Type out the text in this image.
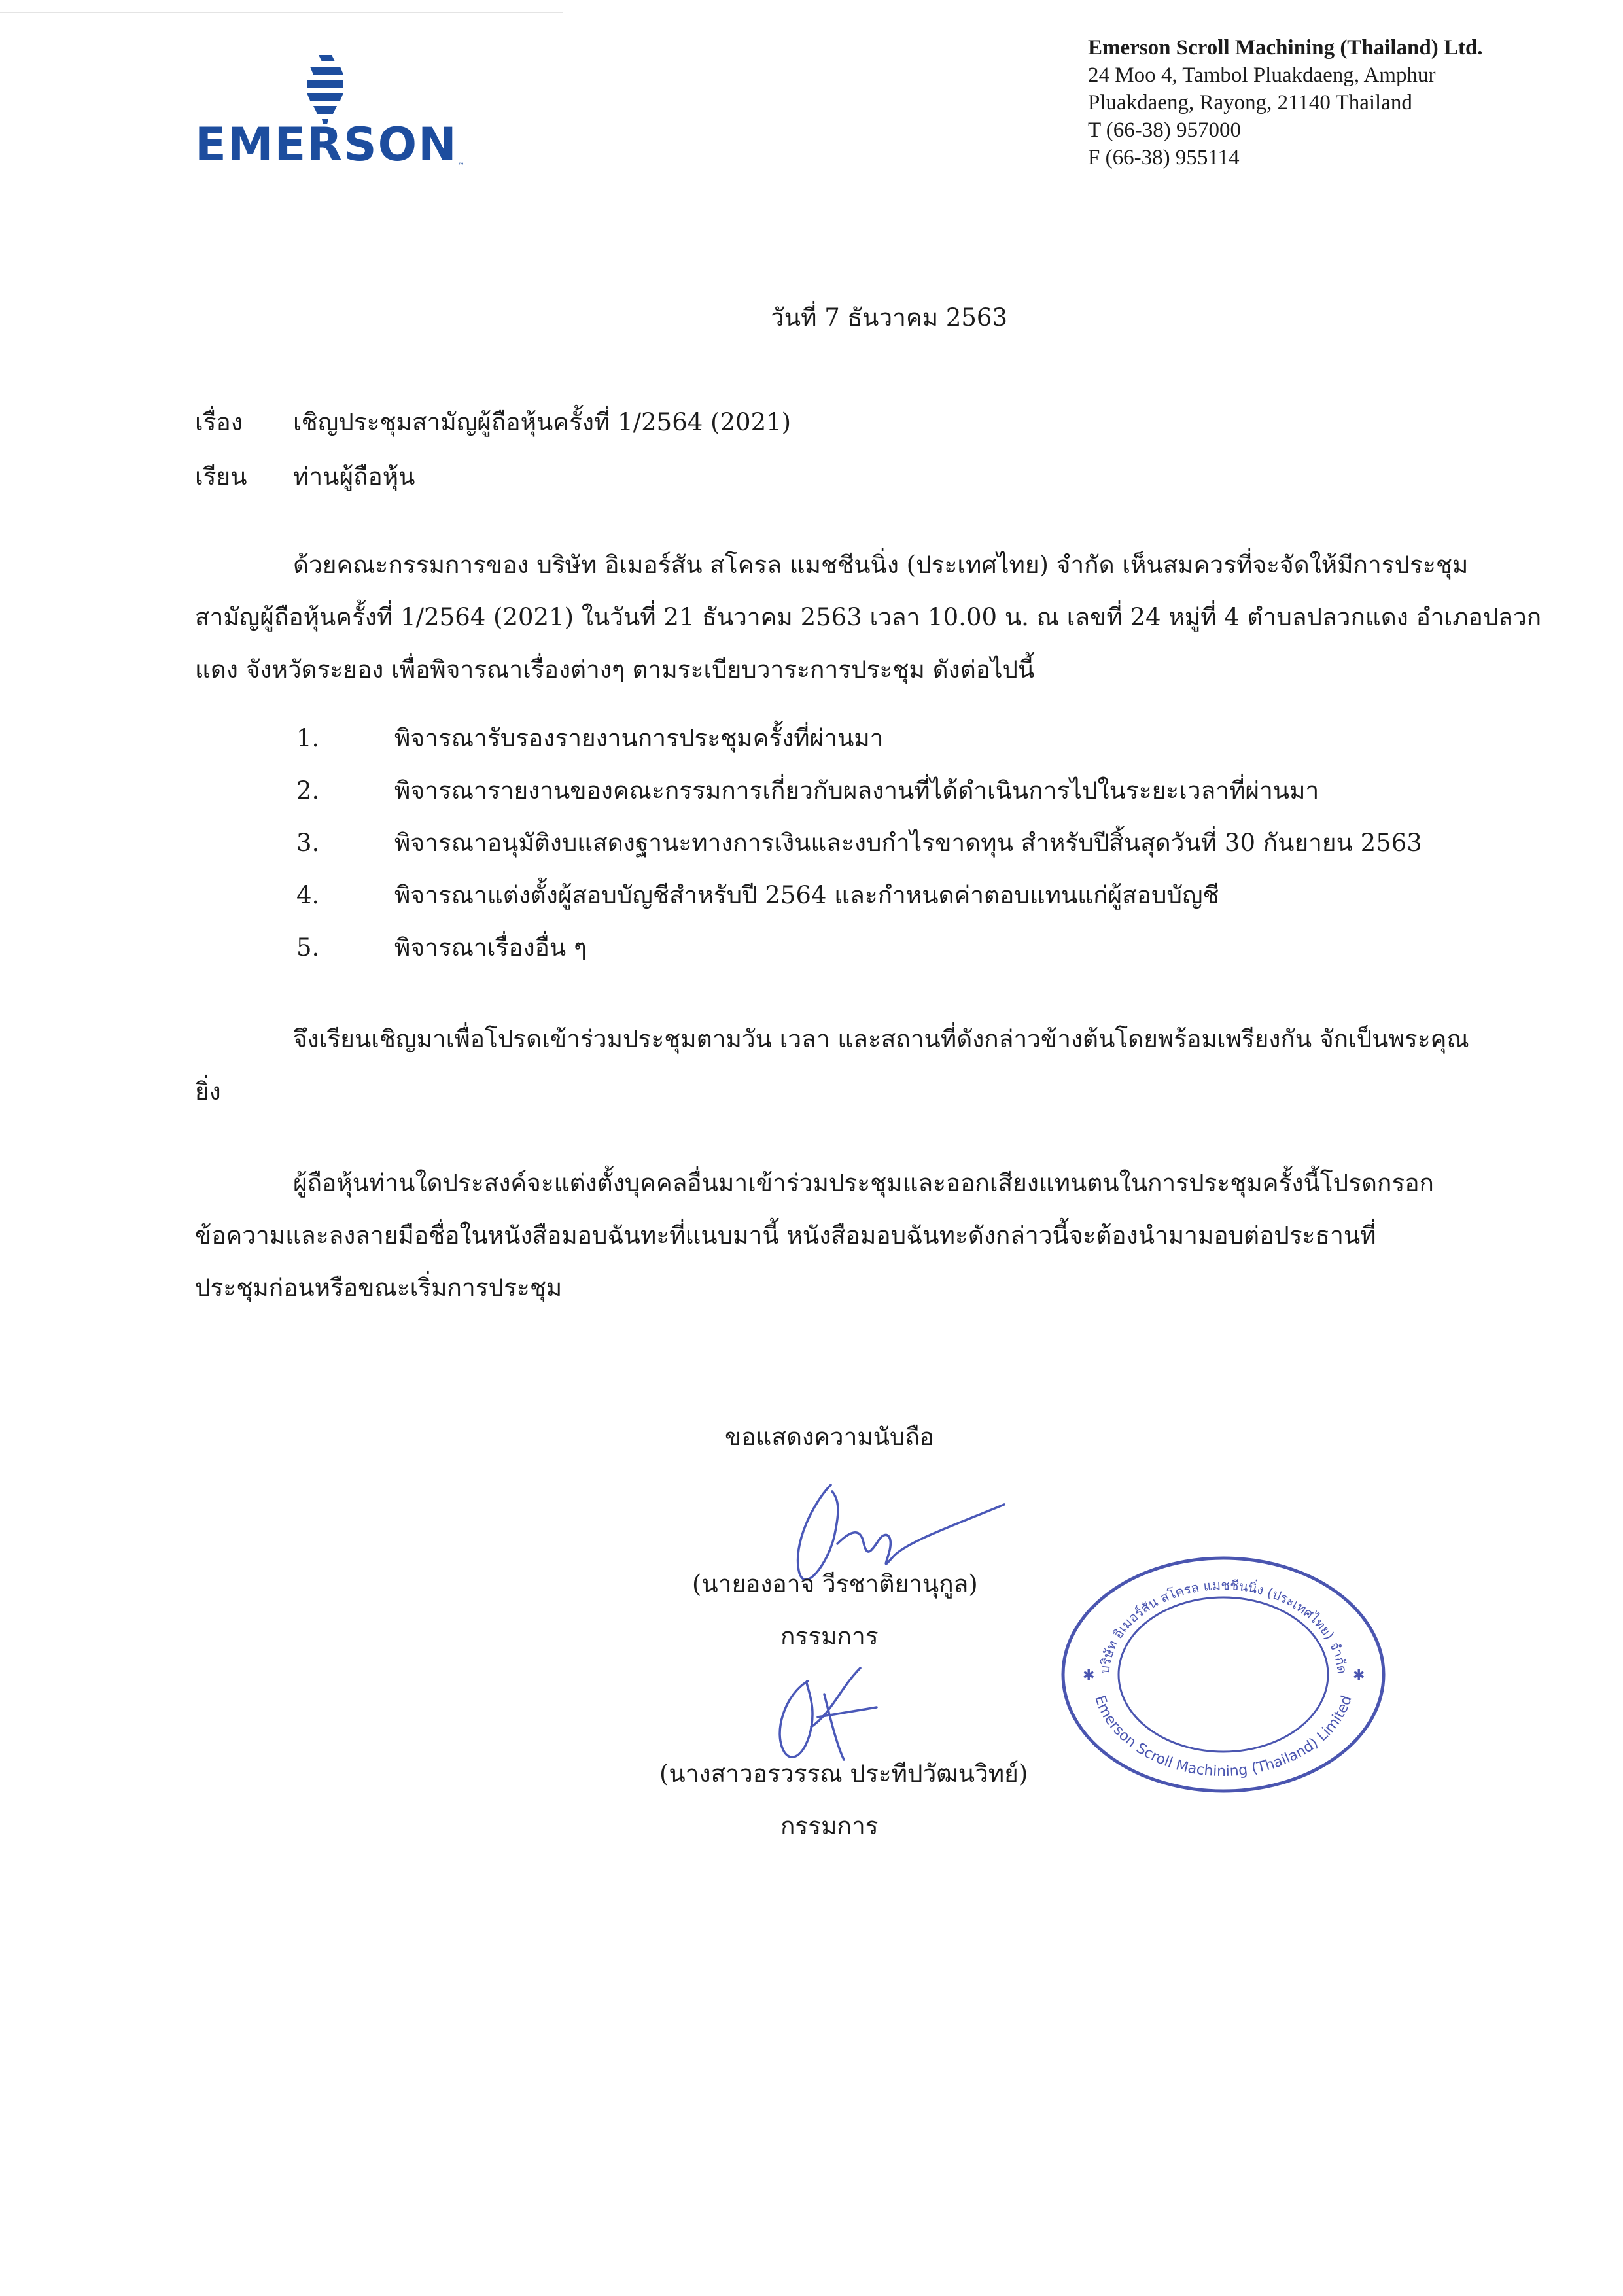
EMERSON ™
Emerson Scroll Machining (Thailand) Ltd.
24 Moo 4, Tambol Pluakdaeng, Amphur
Pluakdaeng, Rayong, 21140 Thailand
T (66-38) 957000
F (66-38) 955114
วันที่ 7 ธันวาคม 2563
เรื่อง เชิญประชุมสามัญผู้ถือหุ้นครั้งที่ 1/2564 (2021)
เรียน ท่านผู้ถือหุ้น
ด้วยคณะกรรมการของ บริษัท อิเมอร์สัน สโครล แมชชีนนิ่ง (ประเทศไทย) จำกัด เห็นสมควรที่จะจัดให้มีการประชุม
สามัญผู้ถือหุ้นครั้งที่ 1/2564 (2021) ในวันที่ 21 ธันวาคม 2563 เวลา 10.00 น. ณ เลขที่ 24 หมู่ที่ 4 ตำบลปลวกแดง อำเภอปลวก
แดง จังหวัดระยอง เพื่อพิจารณาเรื่องต่างๆ ตามระเบียบวาระการประชุม ดังต่อไปนี้
1.	พิจารณารับรองรายงานการประชุมครั้งที่ผ่านมา
2.	พิจารณารายงานของคณะกรรมการเกี่ยวกับผลงานที่ได้ดำเนินการไปในระยะเวลาที่ผ่านมา
3.	พิจารณาอนุมัติงบแสดงฐานะทางการเงินและงบกำไรขาดทุน สำหรับปีสิ้นสุดวันที่ 30 กันยายน 2563
4.	พิจารณาแต่งตั้งผู้สอบบัญชีสำหรับปี 2564 และกำหนดค่าตอบแทนแก่ผู้สอบบัญชี
5.	พิจารณาเรื่องอื่น ๆ
จึงเรียนเชิญมาเพื่อโปรดเข้าร่วมประชุมตามวัน เวลา และสถานที่ดังกล่าวข้างต้นโดยพร้อมเพรียงกัน จักเป็นพระคุณ
ยิ่ง
ผู้ถือหุ้นท่านใดประสงค์จะแต่งตั้งบุคคลอื่นมาเข้าร่วมประชุมและออกเสียงแทนตนในการประชุมครั้งนี้โปรดกรอก
ข้อความและลงลายมือชื่อในหนังสือมอบฉันทะที่แนบมานี้ หนังสือมอบฉันทะดังกล่าวนี้จะต้องนำมามอบต่อประธานที่
ประชุมก่อนหรือขณะเริ่มการประชุม
ขอแสดงความนับถือ
(นายองอาจ วีรชาติยานุกูล)
กรรมการ
(นางสาวอรวรรณ ประทีปวัฒนวิทย์)
กรรมการ
บริษัท อิเมอร์สัน สโครล แมชชีนนิ่ง (ประเทศไทย) จำกัด
Emerson Scroll Machining (Thailand) Limited
✱	✱
